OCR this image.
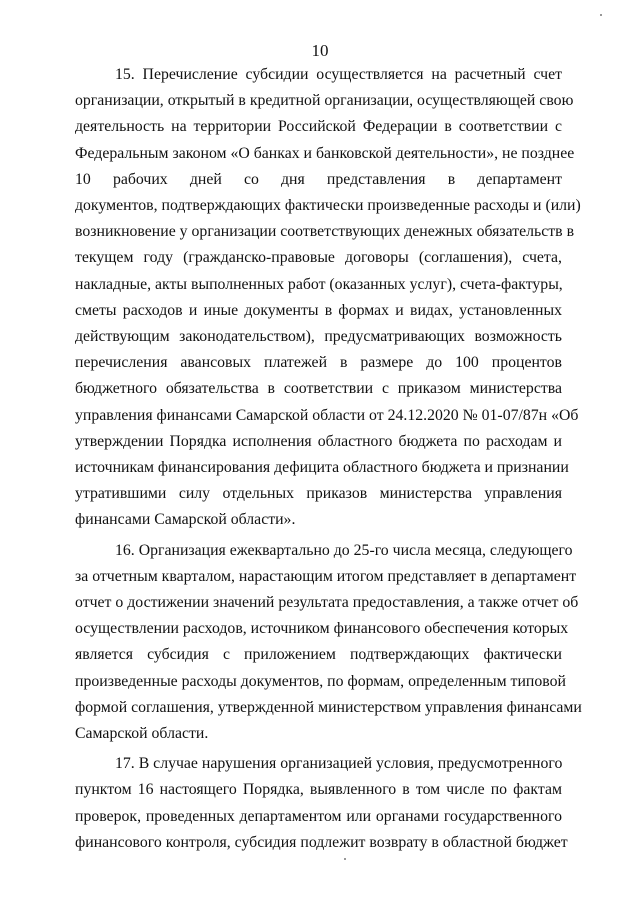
10
15. Перечисление субсидии осуществляется на расчетный счет
организации, открытый в кредитной организации, осуществляющей свою
деятельность на территории Российской Федерации в соответствии с
Федеральным законом «О банках и банковской деятельности», не позднее
10 рабочих дней со дня представления в департамент
документов, подтверждающих фактически произведенные расходы и (или)
возникновение у организации соответствующих денежных обязательств в
текущем году (гражданско-правовые договоры (соглашения), счета,
накладные, акты выполненных работ (оказанных услуг), счета-фактуры,
сметы расходов и иные документы в формах и видах, установленных
действующим законодательством), предусматривающих возможность
перечисления авансовых платежей в размере до 100 процентов
бюджетного обязательства в соответствии с приказом министерства
управления финансами Самарской области от 24.12.2020 № 01-07/87н «Об
утверждении Порядка исполнения областного бюджета по расходам и
источникам финансирования дефицита областного бюджета и признании
утратившими силу отдельных приказов министерства управления
финансами Самарской области».
16. Организация ежеквартально до 25-го числа месяца, следующего
за отчетным кварталом, нарастающим итогом представляет в департамент
отчет о достижении значений результата предоставления, а также отчет об
осуществлении расходов, источником финансового обеспечения которых
является субсидия с приложением подтверждающих фактически
произведенные расходы документов, по формам, определенным типовой
формой соглашения, утвержденной министерством управления финансами
Самарской области.
17. В случае нарушения организацией условия, предусмотренного
пунктом 16 настоящего Порядка, выявленного в том числе по фактам
проверок, проведенных департаментом или органами государственного
финансового контроля, субсидия подлежит возврату в областной бюджет
